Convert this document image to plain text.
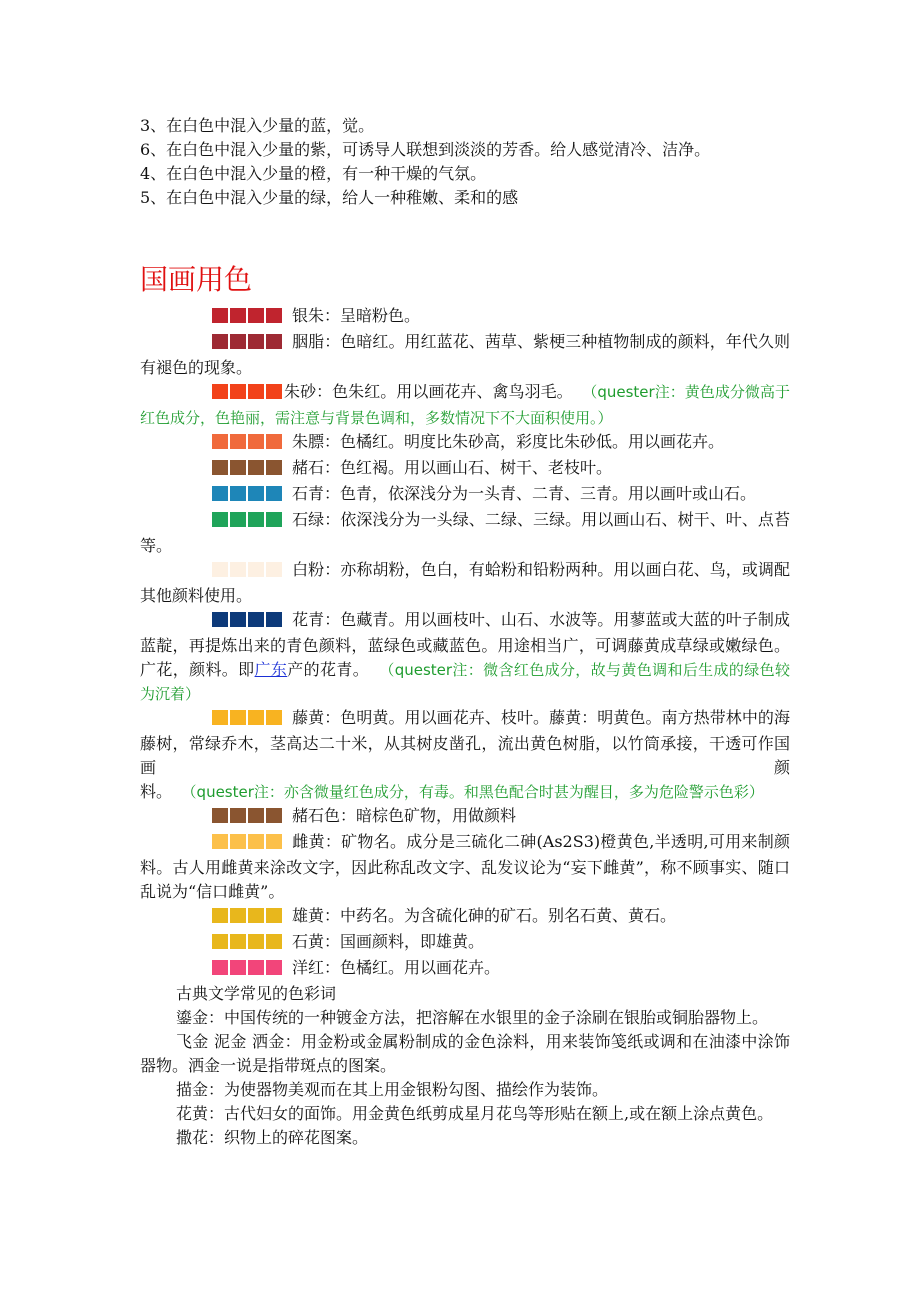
3、在白色中混入少量的蓝，觉。

6、在白色中混入少量的紫，可诱导人联想到淡淡的芳香。给人感觉清冷、洁净。

4、在白色中混入少量的橙，有一种干燥的气氛。

5、在白色中混入少量的绿，给人一种稚嫩、柔和的感

国画用色

银朱：呈暗粉色。

胭脂：色暗红。用红蓝花、茜草、紫梗三种植物制成的颜料，年代久则有褪色的现象。

朱砂：色朱红。用以画花卉、禽鸟羽毛。  （quester注：黄色成分微高于红色成分，色艳丽，需注意与背景色调和，多数情况下不大面积使用。）

朱膘：色橘红。明度比朱砂高，彩度比朱砂低。用以画花卉。

赭石：色红褐。用以画山石、树干、老枝叶。

石青：色青，依深浅分为一头青、二青、三青。用以画叶或山石。

石绿：依深浅分为一头绿、二绿、三绿。用以画山石、树干、叶、点苔等。

白粉：亦称胡粉，色白，有蛤粉和铅粉两种。用以画白花、鸟，或调配其他颜料使用。

花青：色藏青。用以画枝叶、山石、水波等。用蓼蓝或大蓝的叶子制成蓝靛，再提炼出来的青色颜料，蓝绿色或藏蓝色。用途相当广，可调藤黄成草绿或嫩绿色。广花，颜料。即广东产的花青。  （quester注：微含红色成分，故与黄色调和后生成的绿色较为沉着）

藤黄：色明黄。用以画花卉、枝叶。藤黄：明黄色。南方热带林中的海藤树，常绿乔木，茎高达二十米，从其树皮凿孔，流出黄色树脂，以竹筒承接，干透可作国画颜料。  （quester注：亦含微量红色成分，有毒。和黑色配合时甚为醒目，多为危险警示色彩）

赭石色：暗棕色矿物，用做颜料

雌黄：矿物名。成分是三硫化二砷(As2S3)橙黄色,半透明,可用来制颜料。古人用雌黄来涂改文字，因此称乱改文字、乱发议论为“妄下雌黄”，称不顾事实、随口乱说为“信口雌黄”。

雄黄：中药名。为含硫化砷的矿石。别名石黄、黄石。

石黄：国画颜料，即雄黄。

洋红：色橘红。用以画花卉。

古典文学常见的色彩词

鎏金：中国传统的一种镀金方法，把溶解在水银里的金子涂刷在银胎或铜胎器物上。

飞金 泥金 洒金：用金粉或金属粉制成的金色涂料，用来装饰笺纸或调和在油漆中涂饰器物。洒金一说是指带斑点的图案。

描金：为使器物美观而在其上用金银粉勾图、描绘作为装饰。

花黄：古代妇女的面饰。用金黄色纸剪成星月花鸟等形贴在额上,或在额上涂点黄色。

撒花：织物上的碎花图案。
